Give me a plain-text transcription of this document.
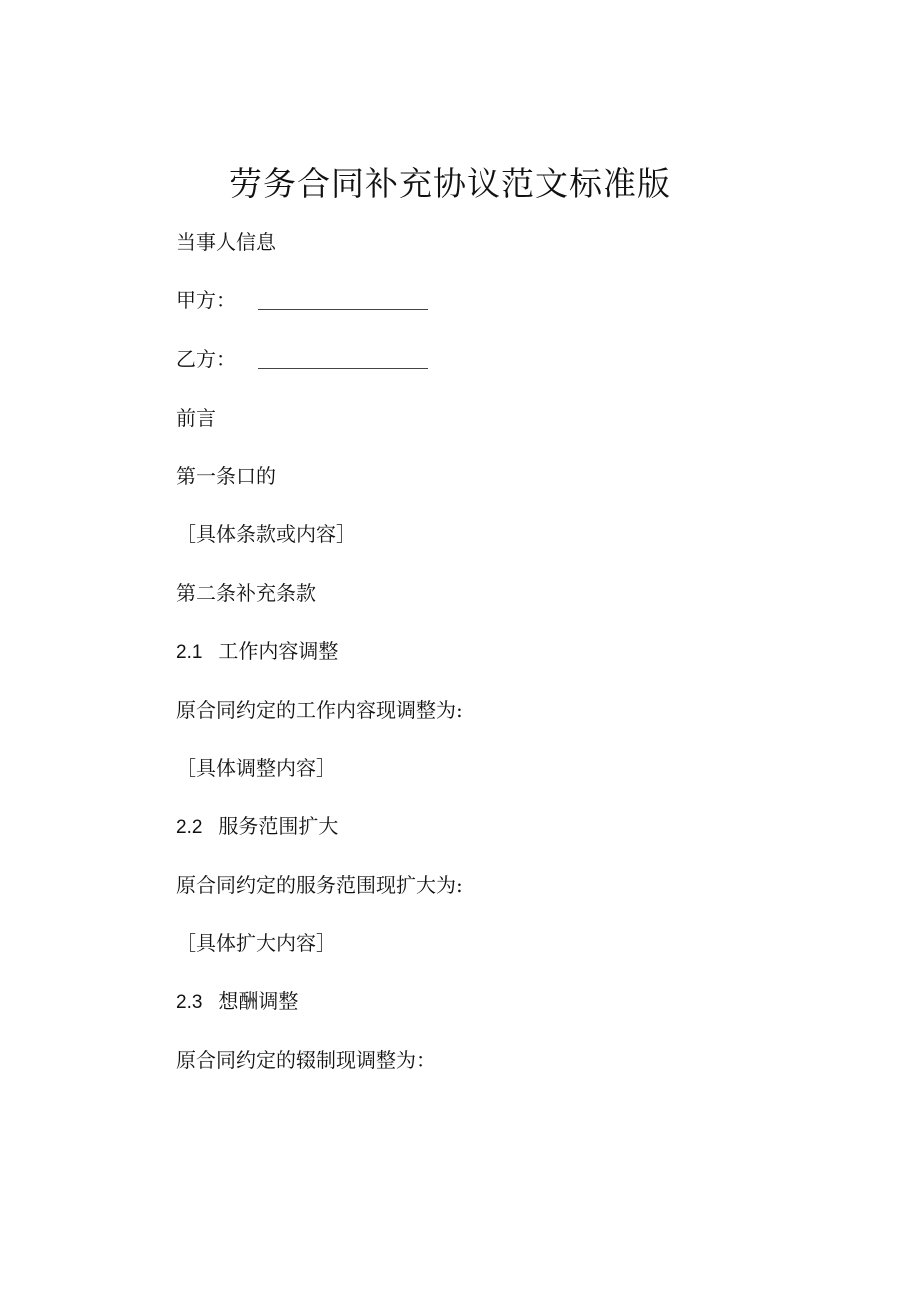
劳务合同补充协议范文标准版
当事人信息
甲方：
乙方：
前言
第一条口的
［具体条款或内容］
第二条补充条款
2.1 工作内容调整
原合同约定的工作内容现调整为:
［具体调整内容］
2.2 服务范围扩大
原合同约定的服务范围现扩大为:
［具体扩大内容］
2.3 想酬调整
原合同约定的辍制现调整为：
